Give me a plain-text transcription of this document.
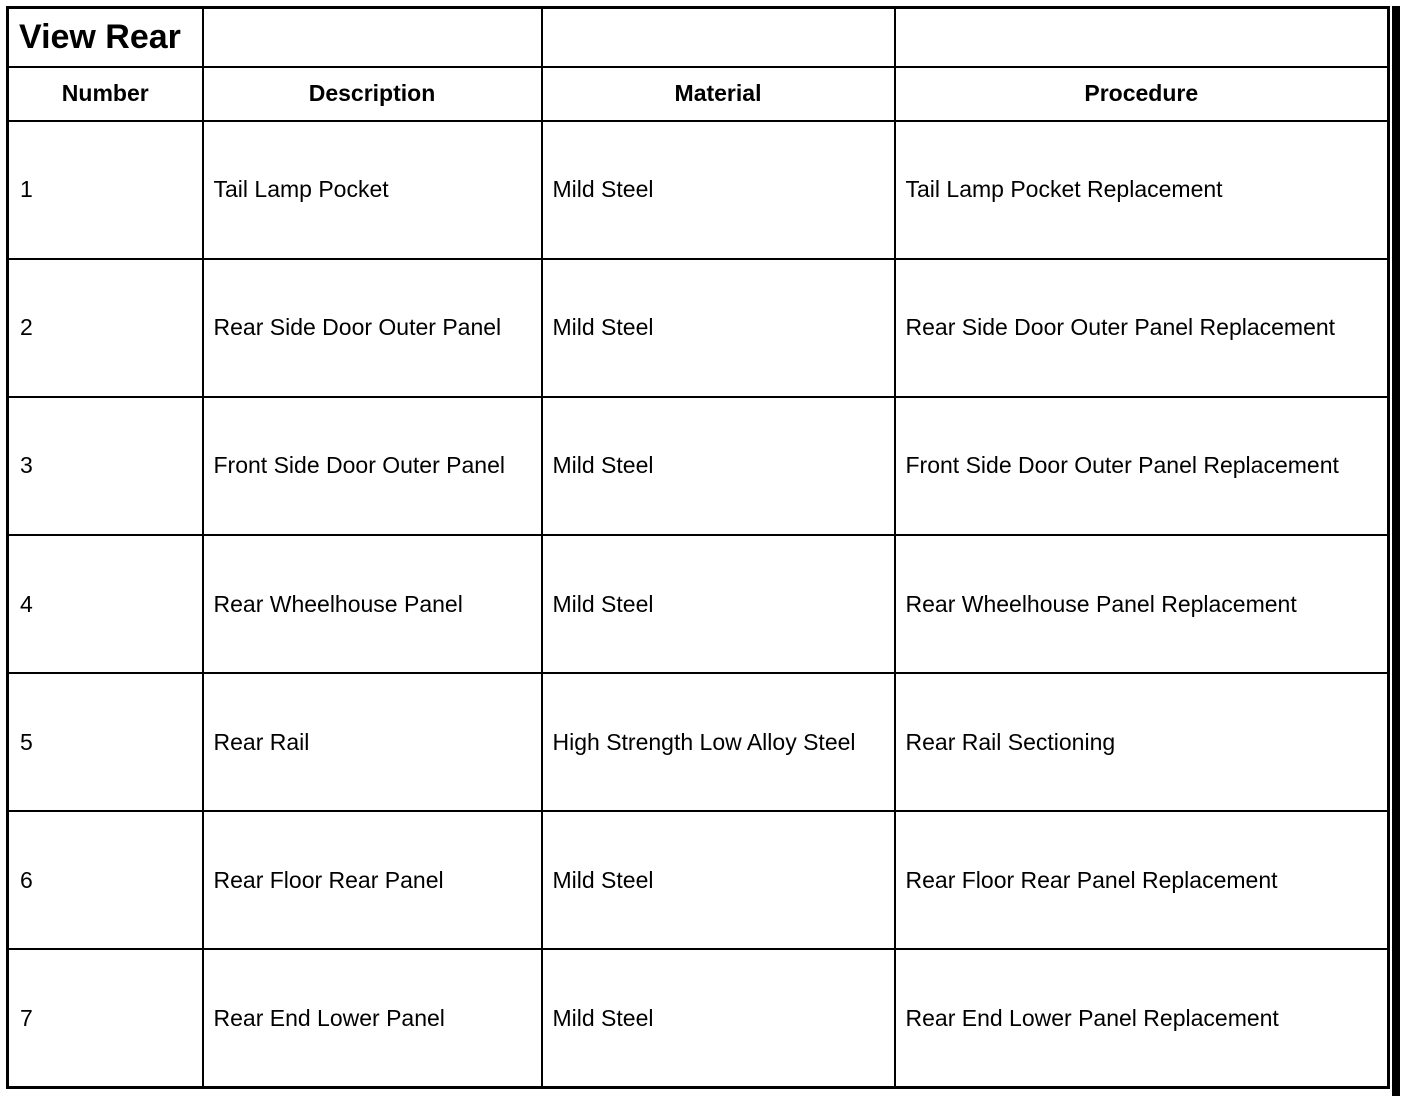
View Rear			
Number	Description	Material	Procedure
1	Tail Lamp Pocket	Mild Steel	Tail Lamp Pocket Replacement
2	Rear Side Door Outer Panel	Mild Steel	Rear Side Door Outer Panel Replacement
3	Front Side Door Outer Panel	Mild Steel	Front Side Door Outer Panel Replacement
4	Rear Wheelhouse Panel	Mild Steel	Rear Wheelhouse Panel Replacement
5	Rear Rail	High Strength Low Alloy Steel	Rear Rail Sectioning
6	Rear Floor Rear Panel	Mild Steel	Rear Floor Rear Panel Replacement
7	Rear End Lower Panel	Mild Steel	Rear End Lower Panel Replacement
